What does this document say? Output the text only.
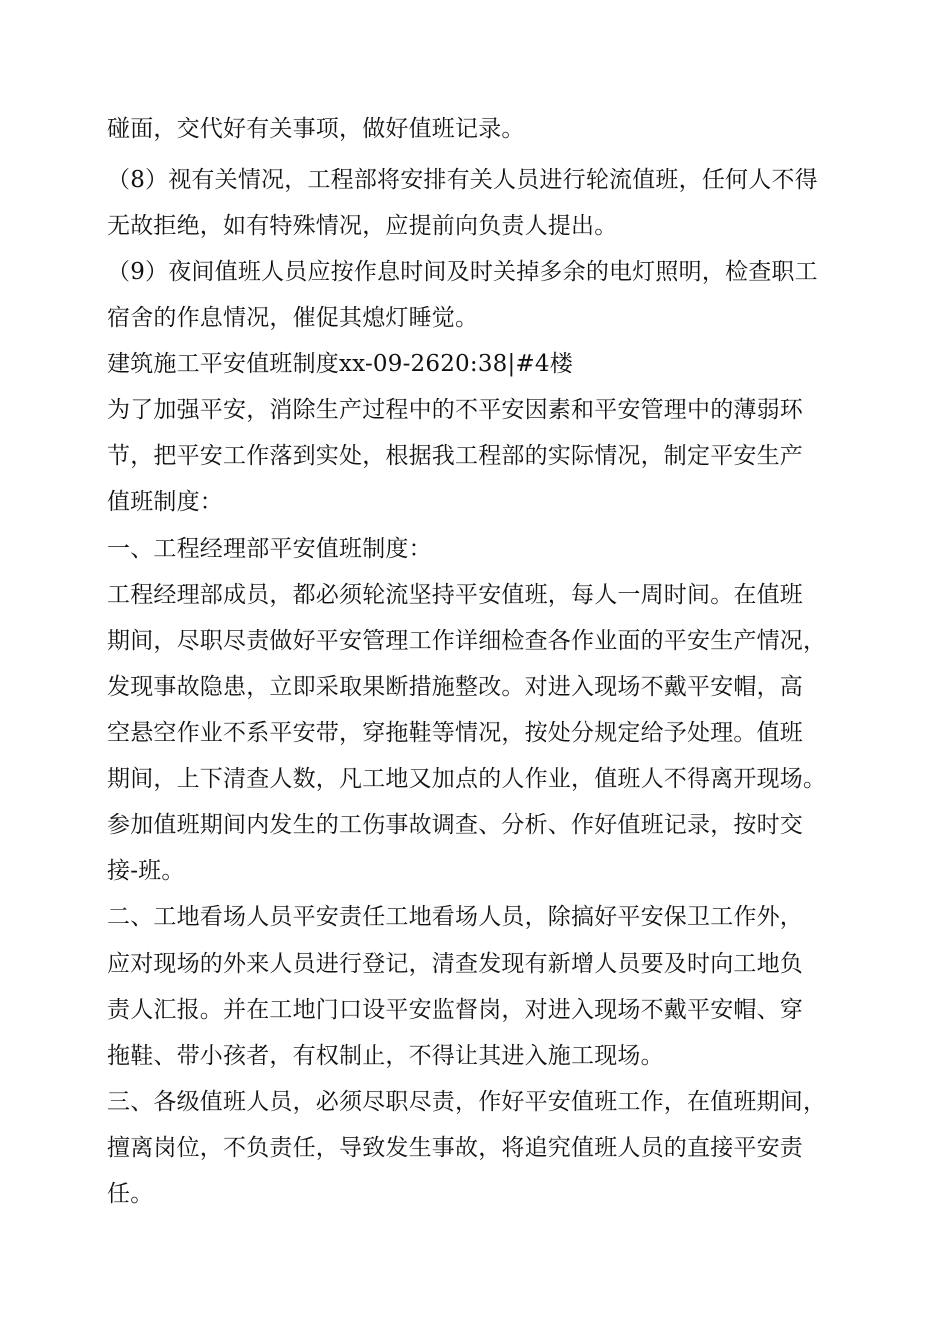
碰面，交代好有关事项，做好值班记录。
（8）视有关情况，工程部将安排有关人员进行轮流值班，任何人不得
无故拒绝，如有特殊情况，应提前向负责人提出。
（9）夜间值班人员应按作息时间及时关掉多余的电灯照明，检查职工
宿舍的作息情况，催促其熄灯睡觉。
建筑施工平安值班制度xx-09-2620:38|#4楼
为了加强平安，消除生产过程中的不平安因素和平安管理中的薄弱环
节，把平安工作落到实处，根据我工程部的实际情况，制定平安生产
值班制度：
一、工程经理部平安值班制度：
工程经理部成员，都必须轮流坚持平安值班，每人一周时间。在值班
期间，尽职尽责做好平安管理工作详细检查各作业面的平安生产情况，
发现事故隐患，立即采取果断措施整改。对进入现场不戴平安帽，高
空悬空作业不系平安带，穿拖鞋等情况，按处分规定给予处理。值班
期间，上下清查人数，凡工地又加点的人作业，值班人不得离开现场。
参加值班期间内发生的工伤事故调查、分析、作好值班记录，按时交
接-班。
二、工地看场人员平安责任工地看场人员，除搞好平安保卫工作外，
应对现场的外来人员进行登记，清查发现有新增人员要及时向工地负
责人汇报。并在工地门口设平安监督岗，对进入现场不戴平安帽、穿
拖鞋、带小孩者，有权制止，不得让其进入施工现场。
三、各级值班人员，必须尽职尽责，作好平安值班工作，在值班期间，
擅离岗位，不负责任，导致发生事故，将追究值班人员的直接平安责
任。
